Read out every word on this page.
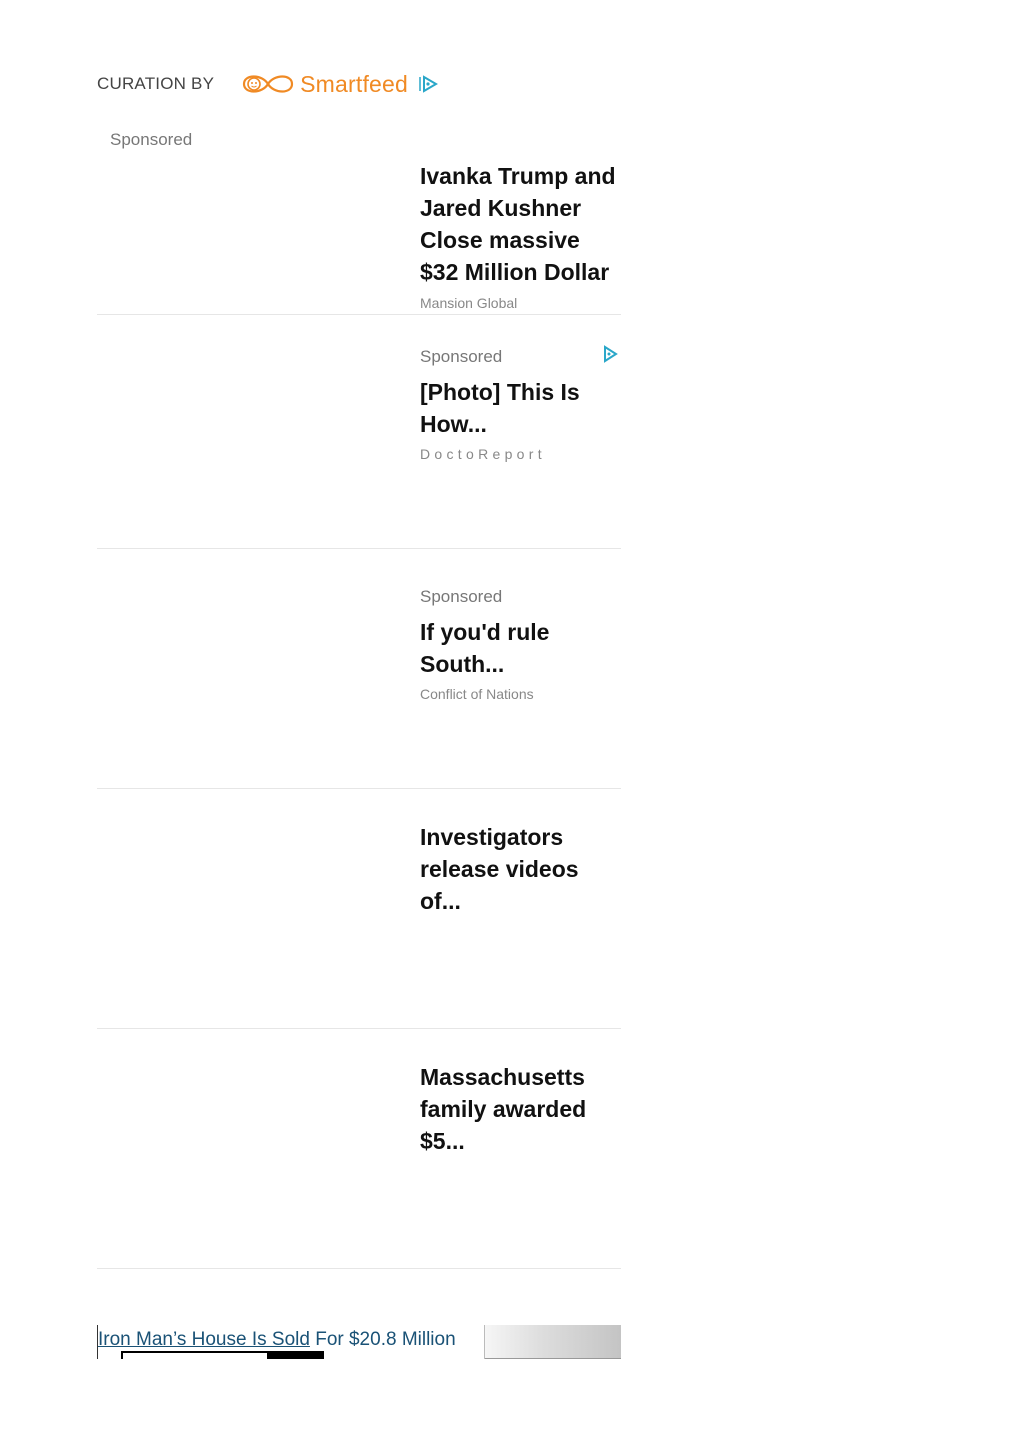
CURATION BY	Smartfeed
Sponsored
Ivanka Trump and Jared Kushner Close massive $32 Million Dollar
Mansion Global
Sponsored
[Photo] This Is How...
DoctoReport
Sponsored
If you'd rule South...
Conflict of Nations
Investigators release videos of...
Massachusetts family awarded $5...
Iron Man’s House Is Sold For $20.8 Million
